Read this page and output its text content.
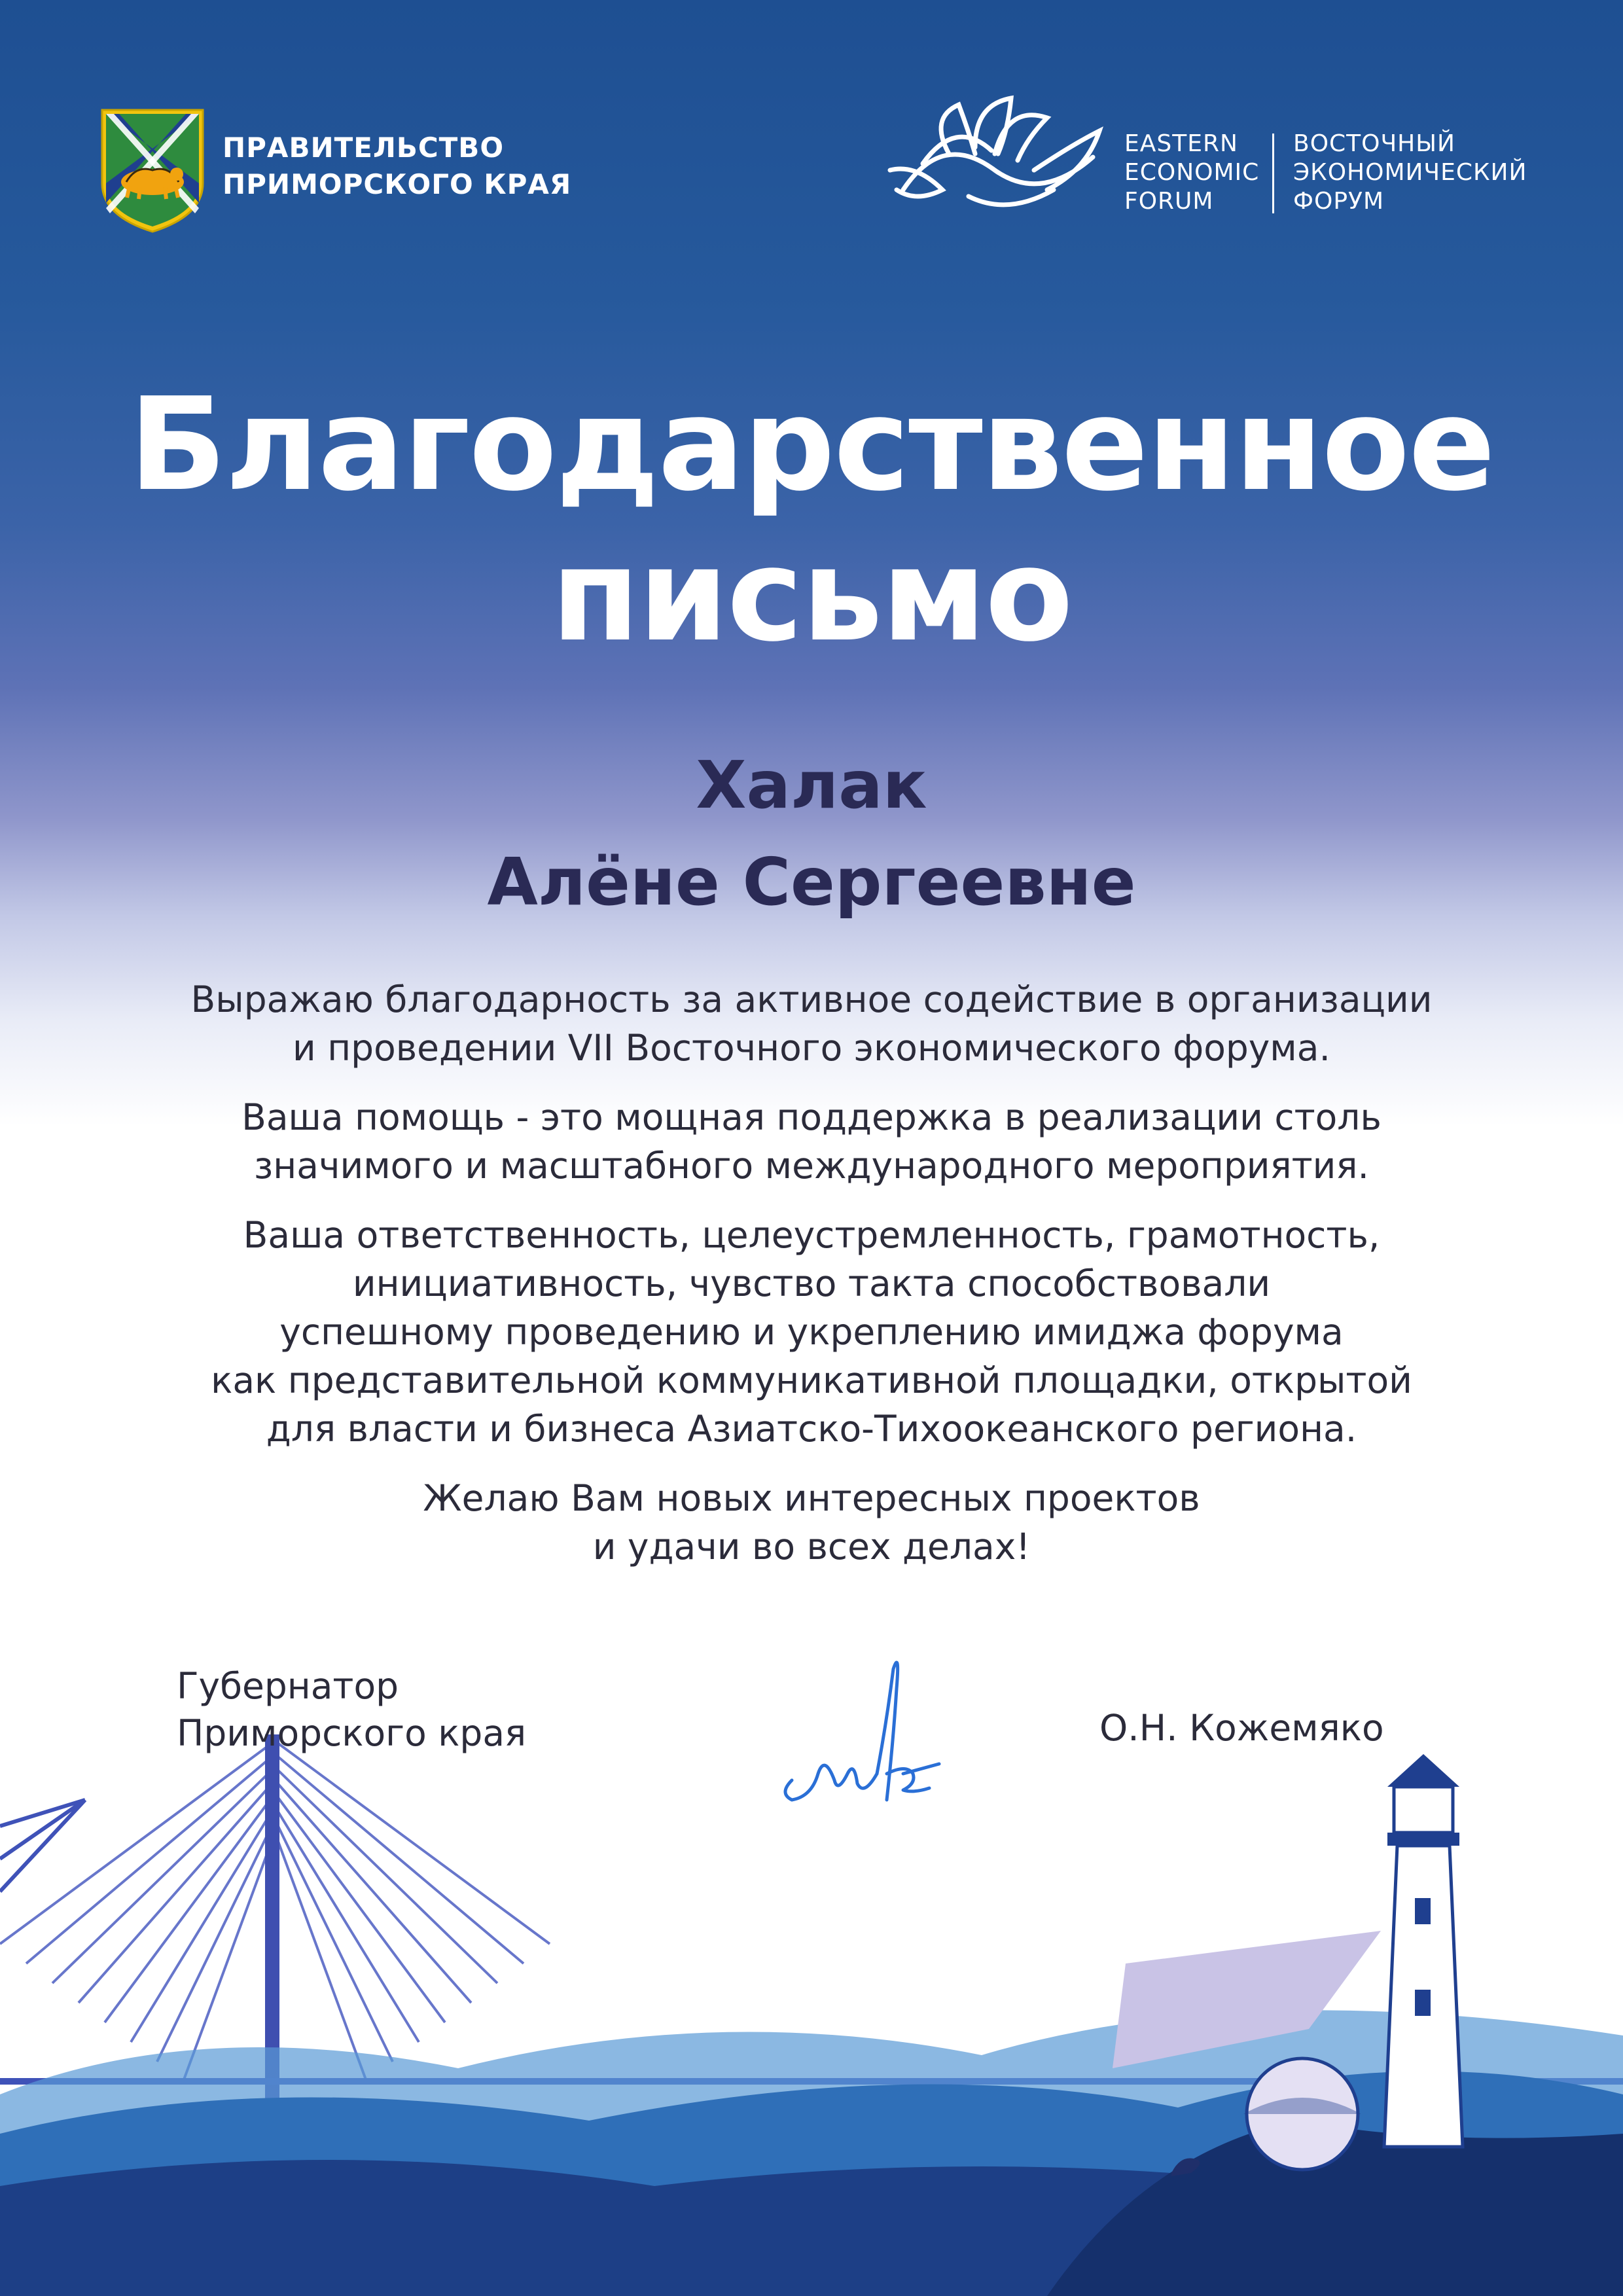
ПРАВИТЕЛЬСТВО
ПРИМОРСКОГО КРАЯ
EASTERN
ECONOMIC
FORUM
ВОСТОЧНЫЙ
ЭКОНОМИЧЕСКИЙ
ФОРУМ
Благодарственное
письмо
Халак
Алёне Сергеевне

Выражаю благодарность за активное содействие в организации
и проведении VII Восточного экономического форума.

Ваша помощь - это мощная поддержка в реализации столь
значимого и масштабного международного мероприятия.

Ваша ответственность, целеустремленность, грамотность,
инициативность, чувство такта способствовали
успешному проведению и укреплению имиджа форума
как представительной коммуникативной площадки, открытой
для власти и бизнеса Азиатско-Тихоокеанского региона.

Желаю Вам новых интересных проектов
и удачи во всех делах!

Губернатор
Приморского края	О.Н. Кожемяко
